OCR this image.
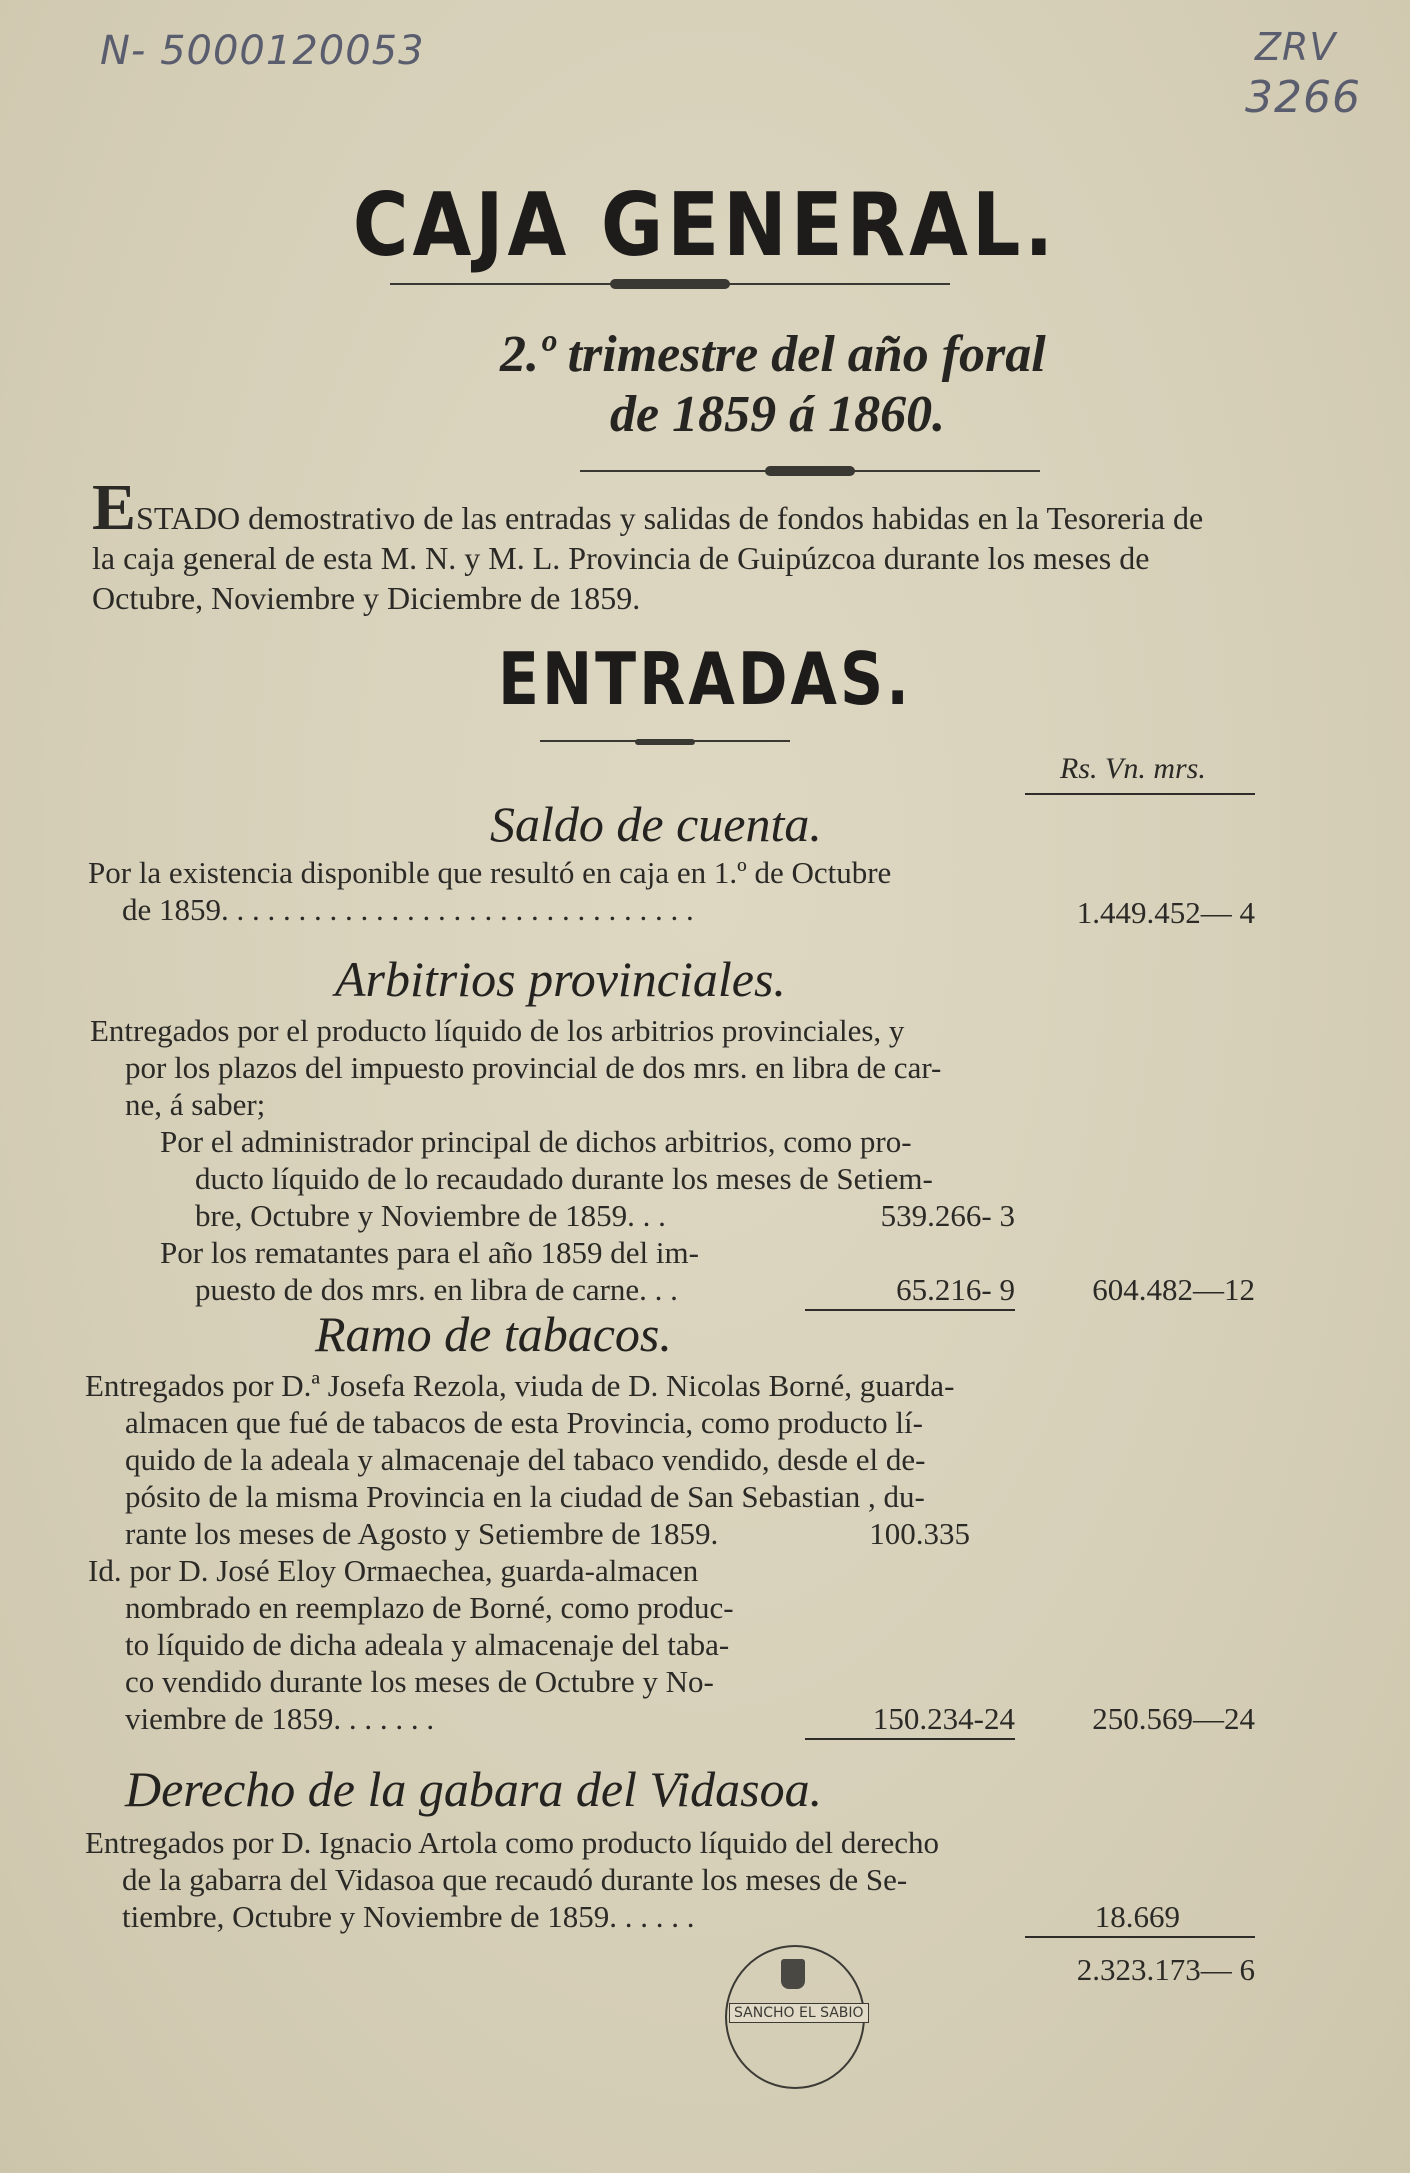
N- 5000120053	ZRV
3266
CAJA GENERAL.
2.º trimestre del año foral
de 1859 á 1860.
ESTADO demostrativo de las entradas y salidas de fondos habidas en la Tesoreria de
la caja general de esta M. N. y M. L. Provincia de Guipúzcoa durante los meses de
Octubre, Noviembre y Diciembre de 1859.
ENTRADAS.
Rs. Vn. mrs.
Saldo de cuenta.
Por la existencia disponible que resultó en caja en 1.º de Octubre
de 1859. . . . . . . . . . . . . . . . . . . . . . . . . . . . . . .	1.449.452— 4
Arbitrios provinciales.
Entregados por el producto líquido de los arbitrios provinciales, y
por los plazos del impuesto provincial de dos mrs. en libra de car-
ne, á saber;
Por el administrador principal de dichos arbitrios, como pro-
ducto líquido de lo recaudado durante los meses de Setiem-
bre, Octubre y Noviembre de 1859. . .	539.266- 3
Por los rematantes para el año 1859 del im-
puesto de dos mrs. en libra de carne. . .	65.216- 9	604.482—12
Ramo de tabacos.
Entregados por D.ª Josefa Rezola, viuda de D. Nicolas Borné, guarda-
almacen que fué de tabacos de esta Provincia, como producto lí-
quido de la adeala y almacenaje del tabaco vendido, desde el de-
pósito de la misma Provincia en la ciudad de San Sebastian , du-
rante los meses de Agosto y Setiembre de 1859.	100.335
Id. por D. José Eloy Ormaechea, guarda-almacen
nombrado en reemplazo de Borné, como produc-
to líquido de dicha adeala y almacenaje del taba-
co vendido durante los meses de Octubre y No-
viembre de 1859. . . . . . .	150.234-24	250.569—24
Derecho de la gabara del Vidasoa.
Entregados por D. Ignacio Artola como producto líquido del derecho
de la gabarra del Vidasoa que recaudó durante los meses de Se-
tiembre, Octubre y Noviembre de 1859. . . . . .	18.669
2.323.173— 6
SANCHO EL SABIO
